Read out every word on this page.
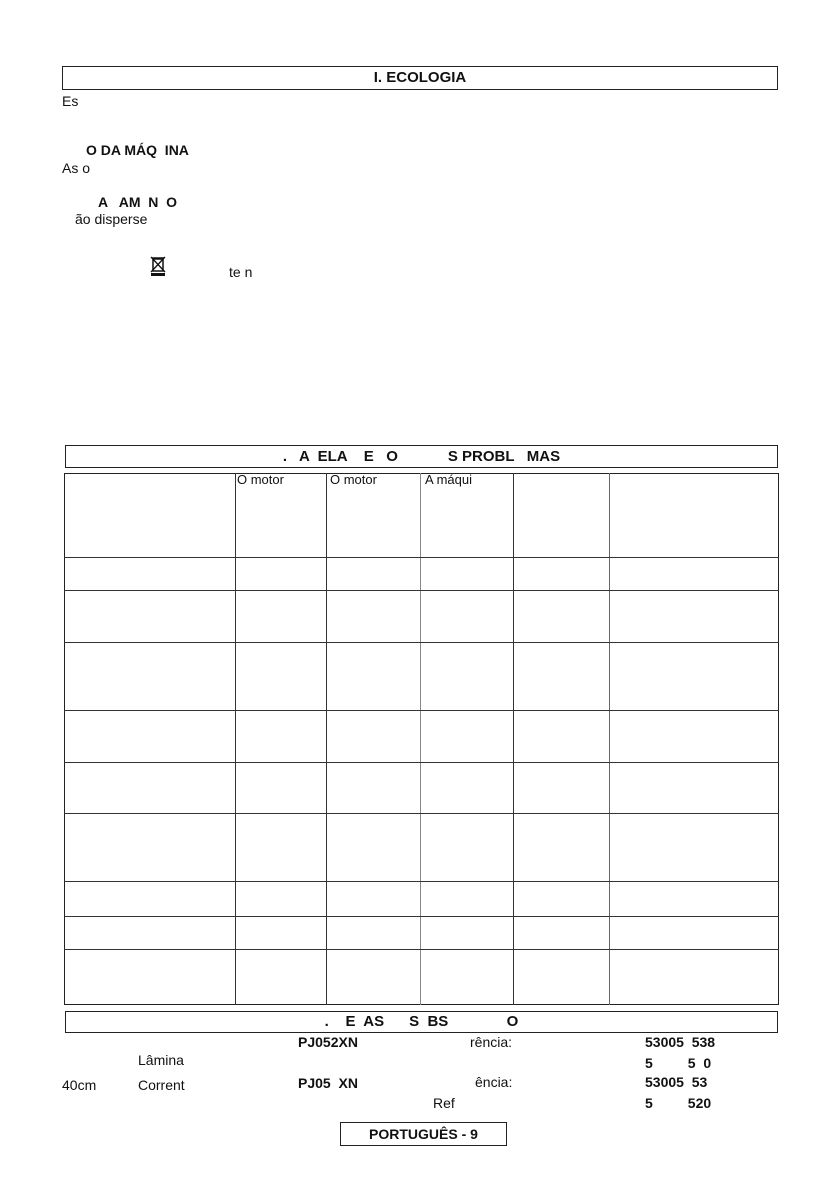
I. ECOLOGIA
Es
O DA MÁQ  INA
As o
A   AM  N  O
ão disperse
te n
.   A  ELA    E   O            S PROBL   MAS
O motor	O motor	A máqui
.    E  AS      S  BS              O
PJ052XN	rência:	53005  538
Lâmina	5         5  0
40cm	Corrent	PJ05  XN	ência:	53005  53
Ref	5         520
PORTUGUÊS - 9
